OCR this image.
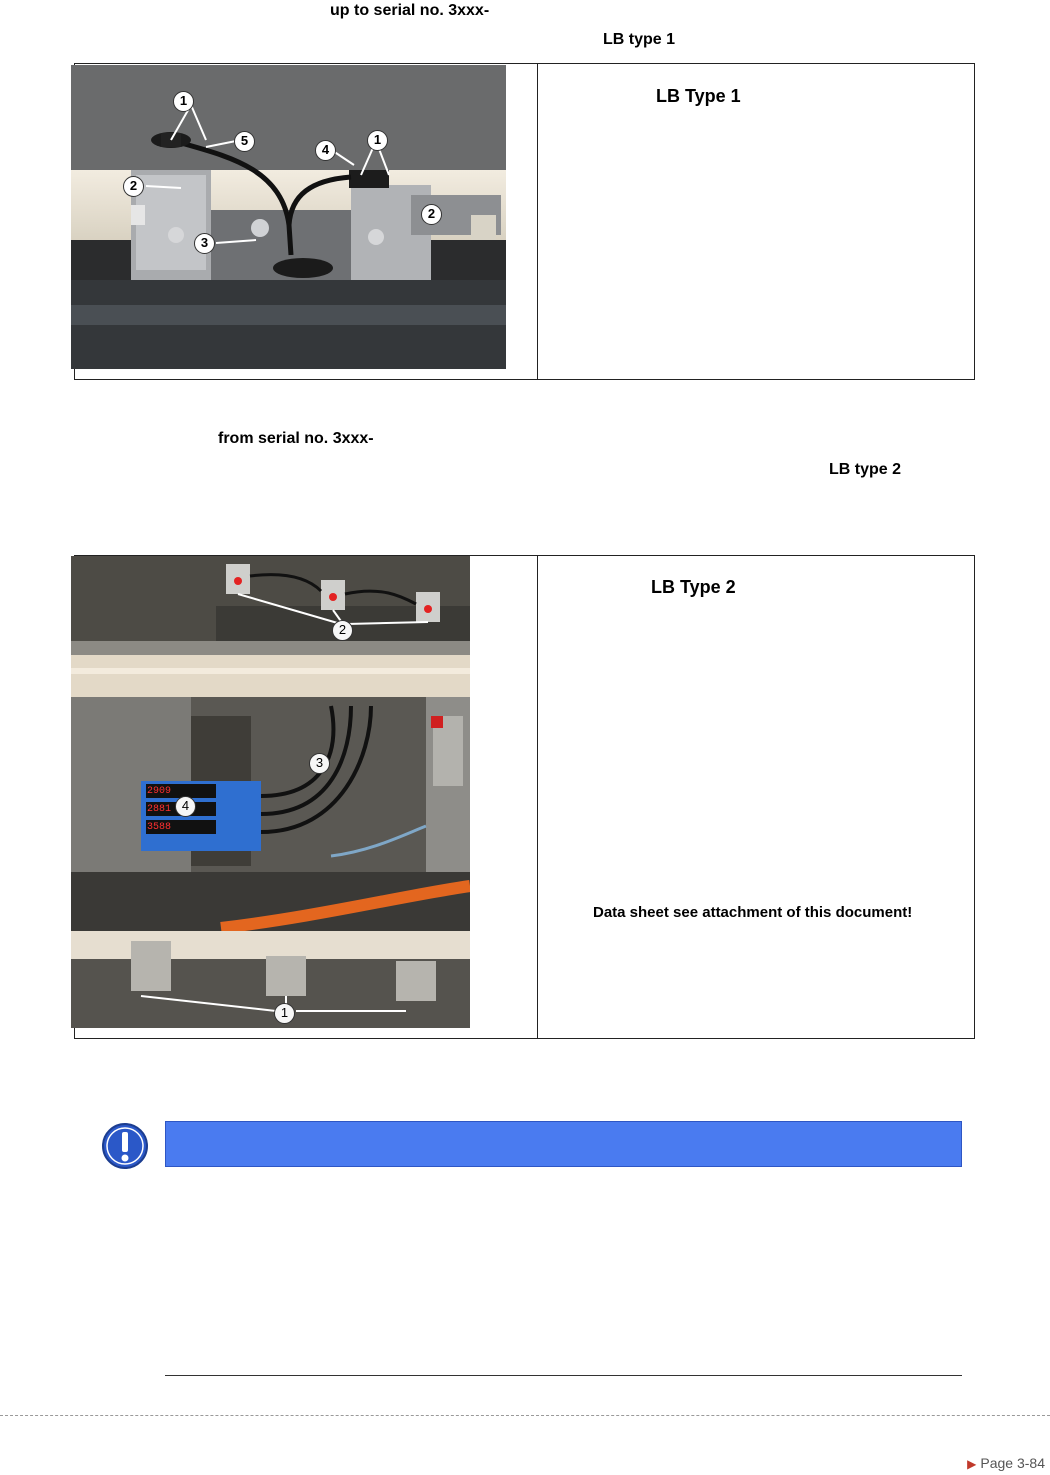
up to serial no. 3xxx-
LB type 1
1
5
4
1
2
3
2
LB Type 1
from serial no. 3xxx-
LB type 2
2909
2881
3588
2
3
4
1
LB Type 2
Data sheet see attachment of this document!
▶ Page 3-84
